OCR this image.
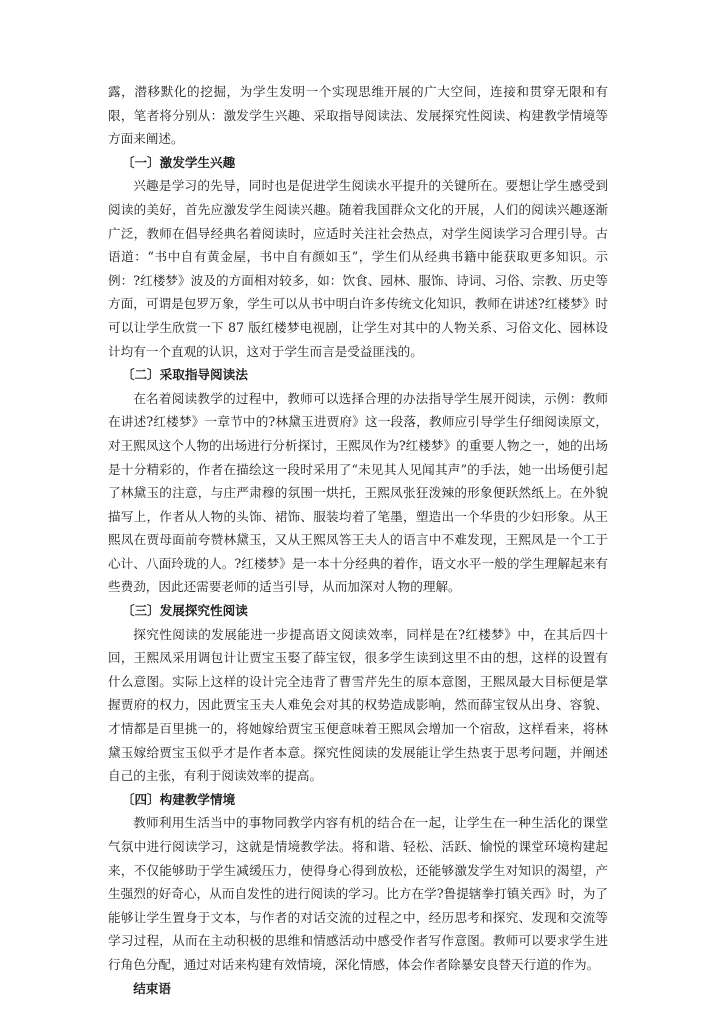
露，潜移默化的挖掘，为学生发明一个实现思维开展的广大空间，连接和贯穿无限和有限，笔者将分别从：激发学生兴趣、采取指导阅读法、发展探究性阅读、构建教学情境等方面来阐述。

〔一〕激发学生兴趣

兴趣是学习的先导，同时也是促进学生阅读水平提升的关键所在。要想让学生感受到阅读的美好，首先应激发学生阅读兴趣。随着我国群众文化的开展，人们的阅读兴趣逐渐广泛，教师在倡导经典名着阅读时，应适时关注社会热点，对学生阅读学习合理引导。古语道：“书中自有黄金屋，书中自有颜如玉”，学生们从经典书籍中能获取更多知识。示例：?红楼梦》波及的方面相对较多，如：饮食、园林、服饰、诗词、习俗、宗教、历史等方面，可谓是包罗万象，学生可以从书中明白许多传统文化知识，教师在讲述?红楼梦》时可以让学生欣赏一下 87 版红楼梦电视剧，让学生对其中的人物关系、习俗文化、园林设计均有一个直观的认识，这对于学生而言是受益匪浅的。

〔二〕采取指导阅读法

在名着阅读教学的过程中，教师可以选择合理的办法指导学生展开阅读，示例：教师在讲述?红楼梦》一章节中的?林黛玉进贾府》这一段落，教师应引导学生仔细阅读原文，对王熙凤这个人物的出场进行分析探讨，王熙凤作为?红楼梦》的重要人物之一，她的出场是十分精彩的，作者在描绘这一段时采用了“未见其人见闻其声”的手法，她一出场便引起了林黛玉的注意，与庄严肃穆的氛围一烘托，王熙凤张狂泼辣的形象便跃然纸上。在外貌描写上，作者从人物的头饰、裙饰、服装均着了笔墨，塑造出一个华贵的少妇形象。从王熙凤在贾母面前夸赞林黛玉，又从王熙凤答王夫人的语言中不难发现，王熙凤是一个工于心计、八面玲珑的人。?红楼梦》是一本十分经典的着作，语文水平一般的学生理解起来有些费劲，因此还需要老师的适当引导，从而加深对人物的理解。

〔三〕发展探究性阅读

探究性阅读的发展能进一步提高语文阅读效率，同样是在?红楼梦》中，在其后四十回，王熙凤采用调包计让贾宝玉娶了薛宝钗，很多学生读到这里不由的想，这样的设置有什么意图。实际上这样的设计完全违背了曹雪芹先生的原本意图，王熙凤最大目标便是掌握贾府的权力，因此贾宝玉夫人难免会对其的权势造成影响，然而薛宝钗从出身、容貌、才情都是百里挑一的，将她嫁给贾宝玉便意味着王熙凤会增加一个宿敌，这样看来，将林黛玉嫁给贾宝玉似乎才是作者本意。探究性阅读的发展能让学生热衷于思考问题，并阐述自己的主张，有利于阅读效率的提高。

〔四〕构建教学情境

教师利用生活当中的事物同教学内容有机的结合在一起，让学生在一种生活化的课堂气氛中进行阅读学习，这就是情境教学法。将和谐、轻松、活跃、愉悦的课堂环境构建起来，不仅能够助于学生减缓压力，使得身心得到放松，还能够激发学生对知识的渴望，产生强烈的好奇心，从而自发性的进行阅读的学习。比方在学?鲁提辖拳打镇关西》时，为了能够让学生置身于文本，与作者的对话交流的过程之中，经历思考和探究、发现和交流等学习过程，从而在主动积极的思维和情感活动中感受作者写作意图。教师可以要求学生进行角色分配，通过对话来构建有效情境，深化情感，体会作者除暴安良替天行道的作为。

结束语
